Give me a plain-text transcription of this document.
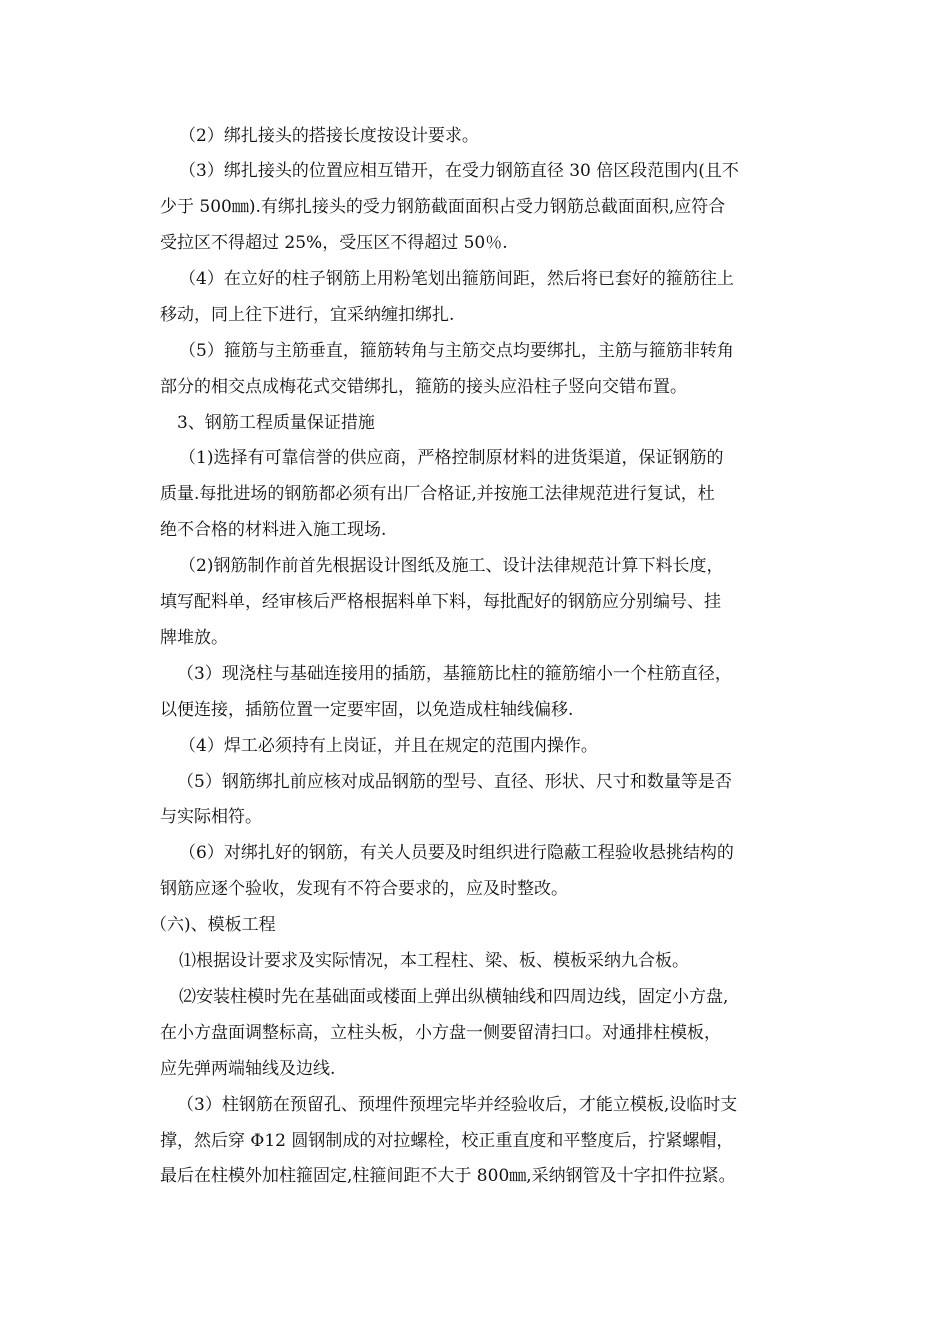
（2）绑扎接头的搭接长度按设计要求。

（3）绑扎接头的位置应相互错开，在受力钢筋直径 30 倍区段范围内(且不

少于 500㎜).有绑扎接头的受力钢筋截面面积占受力钢筋总截面面积,应符合

受拉区不得超过 25%，受压区不得超过 50％.

（4）在立好的柱子钢筋上用粉笔划出箍筋间距，然后将已套好的箍筋往上

移动，同上往下进行，宜采纳缠扣绑扎.

（5）箍筋与主筋垂直，箍筋转角与主筋交点均要绑扎，主筋与箍筋非转角

部分的相交点成梅花式交错绑扎，箍筋的接头应沿柱子竖向交错布置。

3、钢筋工程质量保证措施

（1)选择有可靠信誉的供应商，严格控制原材料的进货渠道，保证钢筋的

质量.每批进场的钢筋都必须有出厂合格证,并按施工法律规范进行复试，杜

绝不合格的材料进入施工现场.

（2)钢筋制作前首先根据设计图纸及施工、设计法律规范计算下料长度，

填写配料单，经审核后严格根据料单下料，每批配好的钢筋应分别编号、挂

牌堆放。

（3）现浇柱与基础连接用的插筋，基箍筋比柱的箍筋缩小一个柱筋直径，

以便连接，插筋位置一定要牢固，以免造成柱轴线偏移.

（4）焊工必须持有上岗证，并且在规定的范围内操作。

（5）钢筋绑扎前应核对成品钢筋的型号、直径、形状、尺寸和数量等是否

与实际相符。

（6）对绑扎好的钢筋，有关人员要及时组织进行隐蔽工程验收悬挑结构的

钢筋应逐个验收，发现有不符合要求的，应及时整改。

（六)、模板工程

⑴根据设计要求及实际情况，本工程柱、梁、板、模板采纳九合板。

⑵安装柱模时先在基础面或楼面上弹出纵横轴线和四周边线，固定小方盘,

在小方盘面调整标高，立柱头板，小方盘一侧要留清扫口。对通排柱模板，

应先弹两端轴线及边线.

（3）柱钢筋在预留孔、预埋件预埋完毕并经验收后，才能立模板,设临时支

撑，然后穿 Φ12 圆钢制成的对拉螺栓，校正重直度和平整度后，拧紧螺帽，

最后在柱模外加柱箍固定,柱箍间距不大于 800㎜,采纳钢管及十字扣件拉紧。
